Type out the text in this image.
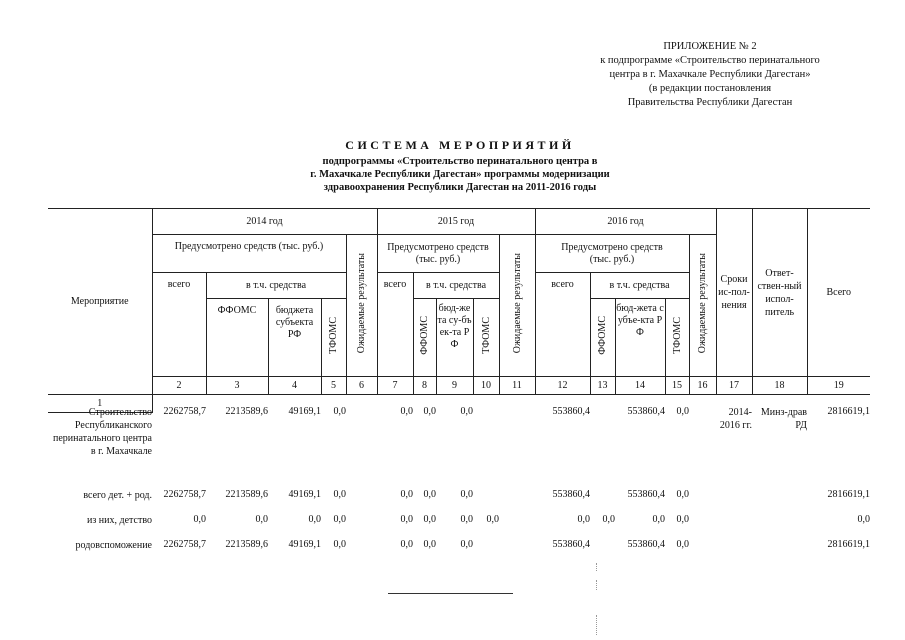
ПРИЛОЖЕНИЕ № 2
к подпрограмме «Строительство перинатального
центра в г. Махачкале Республики Дагестан»
(в редакции постановления
Правительства Республики Дагестан
СИСТЕМА МЕРОПРИЯТИЙ
подпрограммы «Строительство перинатального центра в
г. Махачкале Республики Дагестан» программы модернизации
здравоохранения Республики Дагестан на 2011-2016 годы
Мероприятие	2014 год					2015 год					2016 год					Сроки ис-пол-нения	Ответ-ствен-ный испол-питель	Всего
	Предусмотрено средств (тыс. руб.)				Ожидаемые результаты	Предусмотрено средств (тыс. руб.)				Ожидаемые результаты	Предусмотрено средств (тыс. руб.)				Ожидаемые результаты			
	всего	в т.ч. средства				всего	в т.ч. средства				всего	в т.ч. средства						
		ФФОМС	бюджета субъекта РФ	ТФОМС			ФФОМС	бюд-жета су-бъек-та РФ	ТФОМС			ФФОМС	бюд-жета субъе-кта РФ	ТФОМС				
	2	3	4	5	6	7	8	9	10	11	12	13	14	15	16	17	18	19
1																		
Строительство Республиканского перинатального центра в г. Махачкале	2262758,7	2213589,6	49169,1	0,0		0,0	0,0	0,0			553860,4		553860,4	0,0		2014-2016 гг.	Минз-драв РД	2816619,1
всего дет. + род.	2262758,7	2213589,6	49169,1	0,0		0,0	0,0	0,0			553860,4		553860,4	0,0				2816619,1
из них, детство	0,0	0,0	0,0	0,0		0,0	0,0	0,0	0,0		0,0	0,0	0,0	0,0				0,0
родовспоможение	2262758,7	2213589,6	49169,1	0,0		0,0	0,0	0,0			553860,4		553860,4	0,0				2816619,1
